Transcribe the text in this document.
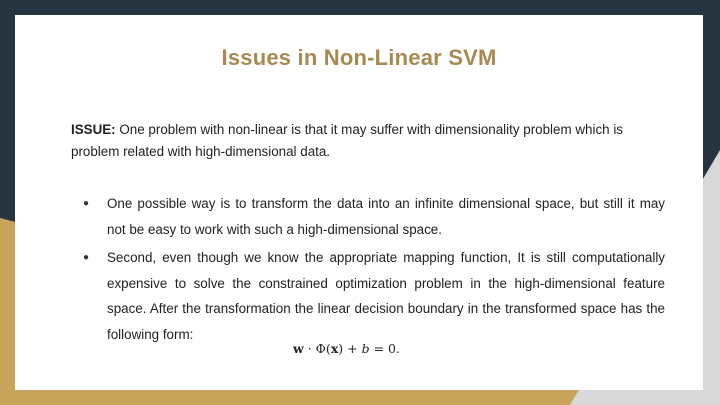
Issues in Non-Linear SVM
ISSUE: One problem with non-linear is that it may suffer with dimensionality problem which is problem related with high-dimensional data.
● One possible way is to transform the data into an infinite dimensional space, but still it may not be easy to work with such a high-dimensional space.
● Second, even though we know the appropriate mapping function, It is still computationally expensive to solve the constrained optimization problem in the high-dimensional feature space. After the transformation the linear decision boundary in the transformed space has the following form:
w · Φ(x) + b = 0.
